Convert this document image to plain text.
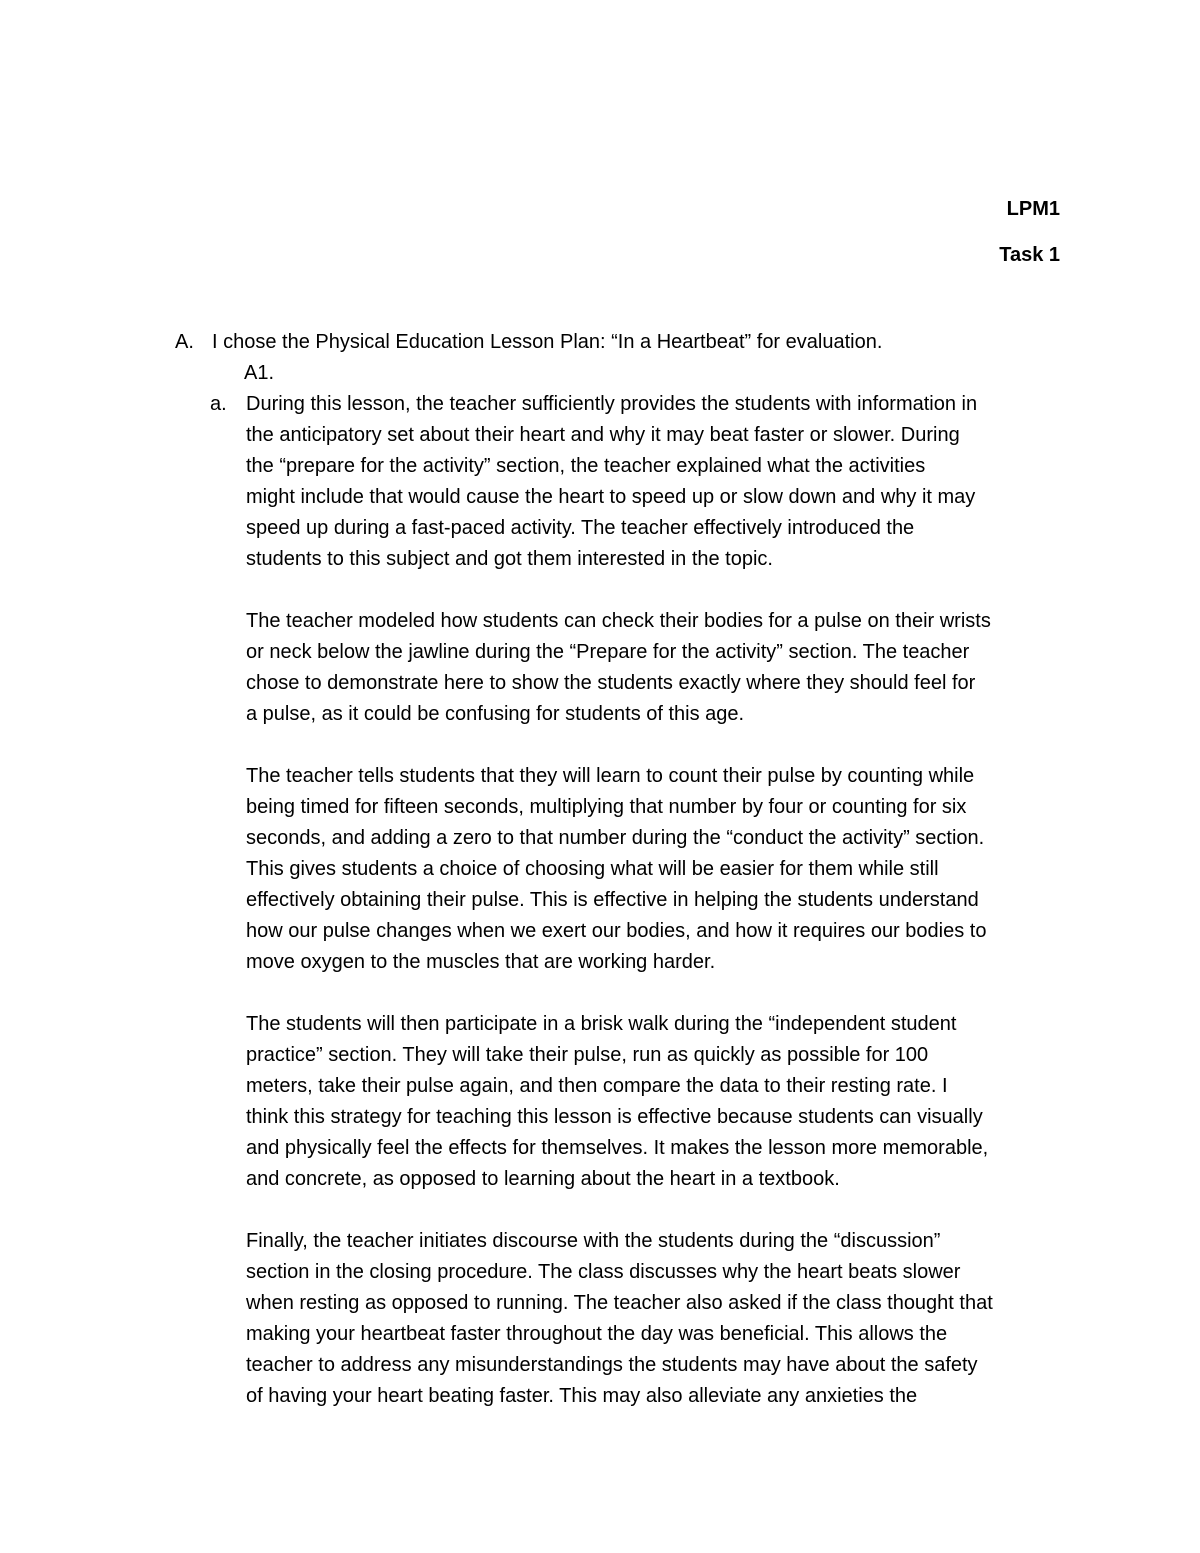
LPM1
Task 1
A. I chose the Physical Education Lesson Plan: “In a Heartbeat” for evaluation.
A1.
a. During this lesson, the teacher sufficiently provides the students with information in
the anticipatory set about their heart and why it may beat faster or slower. During
the “prepare for the activity” section, the teacher explained what the activities
might include that would cause the heart to speed up or slow down and why it may
speed up during a fast-paced activity. The teacher effectively introduced the
students to this subject and got them interested in the topic.
The teacher modeled how students can check their bodies for a pulse on their wrists
or neck below the jawline during the “Prepare for the activity” section. The teacher
chose to demonstrate here to show the students exactly where they should feel for
a pulse, as it could be confusing for students of this age.
The teacher tells students that they will learn to count their pulse by counting while
being timed for fifteen seconds, multiplying that number by four or counting for six
seconds, and adding a zero to that number during the “conduct the activity” section.
This gives students a choice of choosing what will be easier for them while still
effectively obtaining their pulse. This is effective in helping the students understand
how our pulse changes when we exert our bodies, and how it requires our bodies to
move oxygen to the muscles that are working harder.
The students will then participate in a brisk walk during the “independent student
practice” section. They will take their pulse, run as quickly as possible for 100
meters, take their pulse again, and then compare the data to their resting rate. I
think this strategy for teaching this lesson is effective because students can visually
and physically feel the effects for themselves. It makes the lesson more memorable,
and concrete, as opposed to learning about the heart in a textbook.
Finally, the teacher initiates discourse with the students during the “discussion”
section in the closing procedure. The class discusses why the heart beats slower
when resting as opposed to running. The teacher also asked if the class thought that
making your heartbeat faster throughout the day was beneficial. This allows the
teacher to address any misunderstandings the students may have about the safety
of having your heart beating faster. This may also alleviate any anxieties the
